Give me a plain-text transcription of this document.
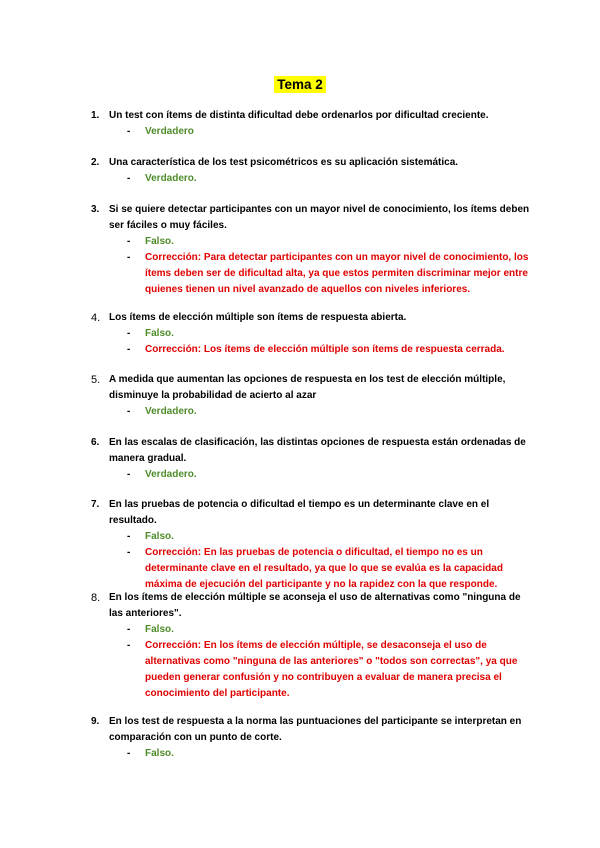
Tema 2
1. Un test con ítems de distinta dificultad debe ordenarlos por dificultad creciente.
- Verdadero
2. Una característica de los test psicométricos es su aplicación sistemática.
- Verdadero.
3. Si se quiere detectar participantes con un mayor nivel de conocimiento, los ítems deben ser fáciles o muy fáciles.
- Falso.
- Corrección: Para detectar participantes con un mayor nivel de conocimiento, los ítems deben ser de dificultad alta, ya que estos permiten discriminar mejor entre quienes tienen un nivel avanzado de aquellos con niveles inferiores.
4. Los ítems de elección múltiple son ítems de respuesta abierta.
- Falso.
- Corrección: Los ítems de elección múltiple son ítems de respuesta cerrada.
5. A medida que aumentan las opciones de respuesta en los test de elección múltiple, disminuye la probabilidad de acierto al azar
- Verdadero.
6. En las escalas de clasificación, las distintas opciones de respuesta están ordenadas de manera gradual.
- Verdadero.
7. En las pruebas de potencia o dificultad el tiempo es un determinante clave en el resultado.
- Falso.
- Corrección: En las pruebas de potencia o dificultad, el tiempo no es un determinante clave en el resultado, ya que lo que se evalúa es la capacidad máxima de ejecución del participante y no la rapidez con la que responde.
8. En los ítems de elección múltiple se aconseja el uso de alternativas como "ninguna de las anteriores".
- Falso.
- Corrección: En los ítems de elección múltiple, se desaconseja el uso de alternativas como "ninguna de las anteriores" o "todos son correctas", ya que pueden generar confusión y no contribuyen a evaluar de manera precisa el conocimiento del participante.
9. En los test de respuesta a la norma las puntuaciones del participante se interpretan en comparación con un punto de corte.
- Falso.
